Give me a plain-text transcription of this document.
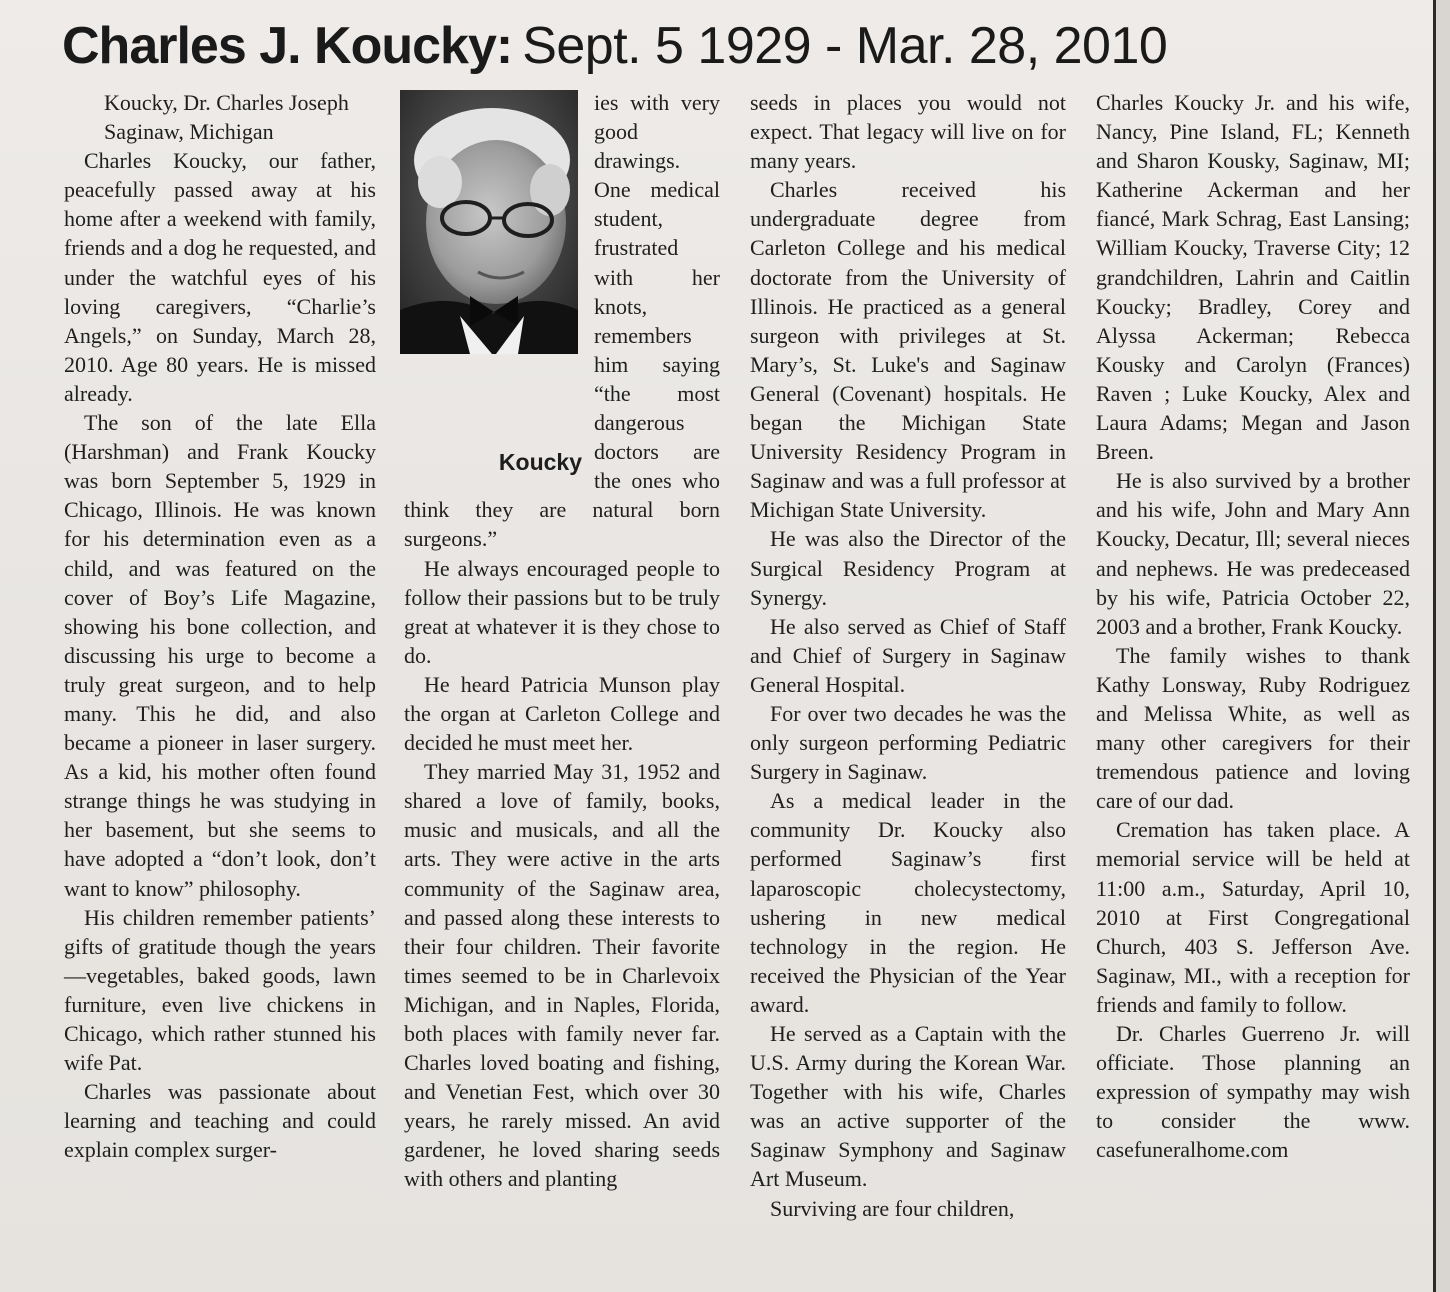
Charles J. Koucky: Sept. 5 1929 - Mar. 28, 2010

Koucky, Dr. Charles Joseph

Saginaw, Michigan

Charles Koucky, our father, peacefully passed away at his home after a weekend with family, friends and a dog he requested, and under the watchful eyes of his loving caregivers, “Charlie’s Angels,” on Sunday, March 28, 2010. Age 80 years. He is missed already.

The son of the late Ella (Harshman) and Frank Koucky was born September 5, 1929 in Chicago, Illinois. He was known for his determination even as a child, and was featured on the cover of Boy’s Life Magazine, showing his bone collection, and discussing his urge to become a truly great surgeon, and to help many. This he did, and also became a pioneer in laser surgery. As a kid, his mother often found strange things he was studying in her basement, but she seems to have adopted a “don’t look, don’t want to know” philosophy.

His children remember patients’ gifts of gratitude though the years—vegetables, baked goods, lawn furniture, even live chickens in Chicago, which rather stunned his wife Pat.

Charles was passionate about learning and teaching and could explain complex surger-

Koucky

ies with very good drawings. One medical student, frustrated with her knots, remembers him saying “the most dangerous doctors are the ones who think they are natural born surgeons.”

He always encouraged people to follow their passions but to be truly great at whatever it is they chose to do.

He heard Patricia Munson play the organ at Carleton College and decided he must meet her.

They married May 31, 1952 and shared a love of family, books, music and musicals, and all the arts. They were active in the arts community of the Saginaw area, and passed along these interests to their four children. Their favorite times seemed to be in Charlevoix Michigan, and in Naples, Florida, both places with family never far. Charles loved boating and fishing, and Venetian Fest, which over 30 years, he rarely missed. An avid gardener, he loved sharing seeds with others and planting

seeds in places you would not expect. That legacy will live on for many years.

Charles received his undergraduate degree from Carleton College and his medical doctorate from the University of Illinois. He practiced as a general surgeon with privileges at St. Mary’s, St. Luke's and Saginaw General (Covenant) hospitals. He began the Michigan State University Residency Program in Saginaw and was a full professor at Michigan State University.

He was also the Director of the Surgical Residency Program at Synergy.

He also served as Chief of Staff and Chief of Surgery in Saginaw General Hospital.

For over two decades he was the only surgeon performing Pediatric Surgery in Saginaw.

As a medical leader in the community Dr. Koucky also performed Saginaw’s first laparoscopic cholecystectomy, ushering in new medical technology in the region. He received the Physician of the Year award.

He served as a Captain with the U.S. Army during the Korean War. Together with his wife, Charles was an active supporter of the Saginaw Symphony and Saginaw Art Museum.

Surviving are four children,

Charles Koucky Jr. and his wife, Nancy, Pine Island, FL; Kenneth and Sharon Kousky, Saginaw, MI; Katherine Ackerman and her fiancé, Mark Schrag, East Lansing; William Koucky, Traverse City; 12 grandchildren, Lahrin and Caitlin Koucky; Bradley, Corey and Alyssa Ackerman; Rebecca Kousky and Carolyn (Frances) Raven ; Luke Koucky, Alex and Laura Adams; Megan and Jason Breen.

He is also survived by a brother and his wife, John and Mary Ann Koucky, Decatur, Ill; several nieces and nephews. He was predeceased by his wife, Patricia October 22, 2003 and a brother, Frank Koucky.

The family wishes to thank Kathy Lonsway, Ruby Rodriguez and Melissa White, as well as many other caregivers for their tremendous patience and loving care of our dad.

Cremation has taken place. A memorial service will be held at 11:00 a.m., Saturday, April 10, 2010 at First Congregational Church, 403 S. Jefferson Ave. Saginaw, MI., with a reception for friends and family to follow.

Dr. Charles Guerreno Jr. will officiate. Those planning an expression of sympathy may wish to consider the www. casefuneralhome.com
